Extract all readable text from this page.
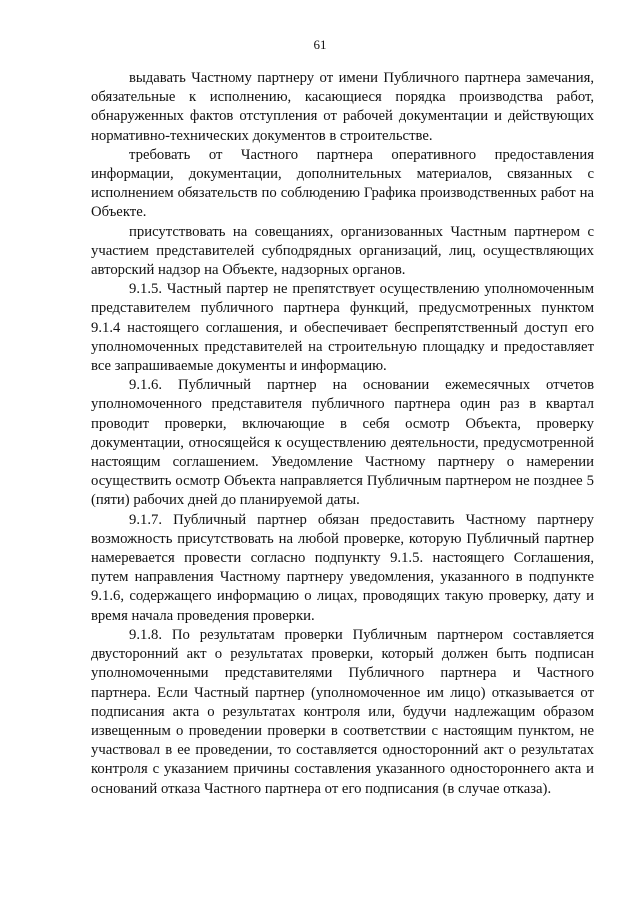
61

выдавать Частному партнеру от имени Публичного партнера замечания, обязательные к исполнению, касающиеся порядка производства работ, обнаруженных фактов отступления от рабочей документации и действующих нормативно-технических документов в строительстве.

требовать от Частного партнера оперативного предоставления информации, документации, дополнительных материалов, связанных с исполнением обязательств по соблюдению Графика производственных работ на Объекте.

присутствовать на совещаниях, организованных Частным партнером с участием представителей субподрядных организаций, лиц, осуществляющих авторский надзор на Объекте, надзорных органов.

9.1.5. Частный партер не препятствует осуществлению уполномоченным представителем публичного партнера функций, предусмотренных пунктом 9.1.4 настоящего соглашения, и обеспечивает беспрепятственный доступ его уполномоченных представителей на строительную площадку и предоставляет все запрашиваемые документы и информацию.

9.1.6. Публичный партнер на основании ежемесячных отчетов уполномоченного представителя публичного партнера один раз в квартал проводит проверки, включающие в себя осмотр Объекта, проверку документации, относящейся к осуществлению деятельности, предусмотренной настоящим соглашением. Уведомление Частному партнеру о намерении осуществить осмотр Объекта направляется Публичным партнером не позднее 5 (пяти) рабочих дней до планируемой даты.

9.1.7. Публичный партнер обязан предоставить Частному партнеру возможность присутствовать на любой проверке, которую Публичный партнер намеревается провести согласно подпункту 9.1.5. настоящего Соглашения, путем направления Частному партнеру уведомления, указанного в подпункте 9.1.6, содержащего информацию о лицах, проводящих такую проверку, дату и время начала проведения проверки.

9.1.8. По результатам проверки Публичным партнером составляется двусторонний акт о результатах проверки, который должен быть подписан уполномоченными представителями Публичного партнера и Частного партнера. Если Частный партнер (уполномоченное им лицо) отказывается от подписания акта о результатах контроля или, будучи надлежащим образом извещенным о проведении проверки в соответствии с настоящим пунктом, не участвовал в ее проведении, то составляется односторонний акт о результатах контроля с указанием причины составления указанного одностороннего акта и оснований отказа Частного партнера от его подписания (в случае отказа).
